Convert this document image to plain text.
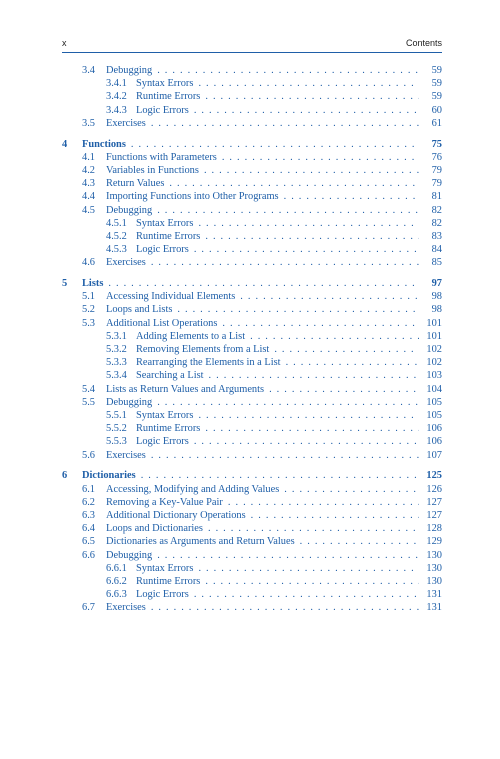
x	Contents
3.4	Debugging . . .	59
3.4.1 Syntax Errors . . .	59
3.4.2 Runtime Errors . . .	59
3.4.3 Logic Errors . . .	60
3.5	Exercises . . .	61
4	Functions . . .	75
4.1	Functions with Parameters . . .	76
4.2	Variables in Functions . . .	79
4.3	Return Values . . .	79
4.4	Importing Functions into Other Programs . . .	81
4.5	Debugging . . .	82
4.5.1 Syntax Errors . . .	82
4.5.2 Runtime Errors . . .	83
4.5.3 Logic Errors . . .	84
4.6	Exercises . . .	85
5	Lists . . .	97
5.1	Accessing Individual Elements . . .	98
5.2	Loops and Lists . . .	98
5.3	Additional List Operations . . .	101
5.3.1 Adding Elements to a List . . .	101
5.3.2 Removing Elements from a List . . .	102
5.3.3 Rearranging the Elements in a List . . .	102
5.3.4 Searching a List . . .	103
5.4	Lists as Return Values and Arguments . . .	104
5.5	Debugging . . .	105
5.5.1 Syntax Errors . . .	105
5.5.2 Runtime Errors . . .	106
5.5.3 Logic Errors . . .	106
5.6	Exercises . . .	107
6	Dictionaries . . .	125
6.1	Accessing, Modifying and Adding Values . . .	126
6.2	Removing a Key-Value Pair . . .	127
6.3	Additional Dictionary Operations . . .	127
6.4	Loops and Dictionaries . . .	128
6.5	Dictionaries as Arguments and Return Values . . .	129
6.6	Debugging . . .	130
6.6.1 Syntax Errors . . .	130
6.6.2 Runtime Errors . . .	130
6.6.3 Logic Errors . . .	131
6.7	Exercises . . .	131
